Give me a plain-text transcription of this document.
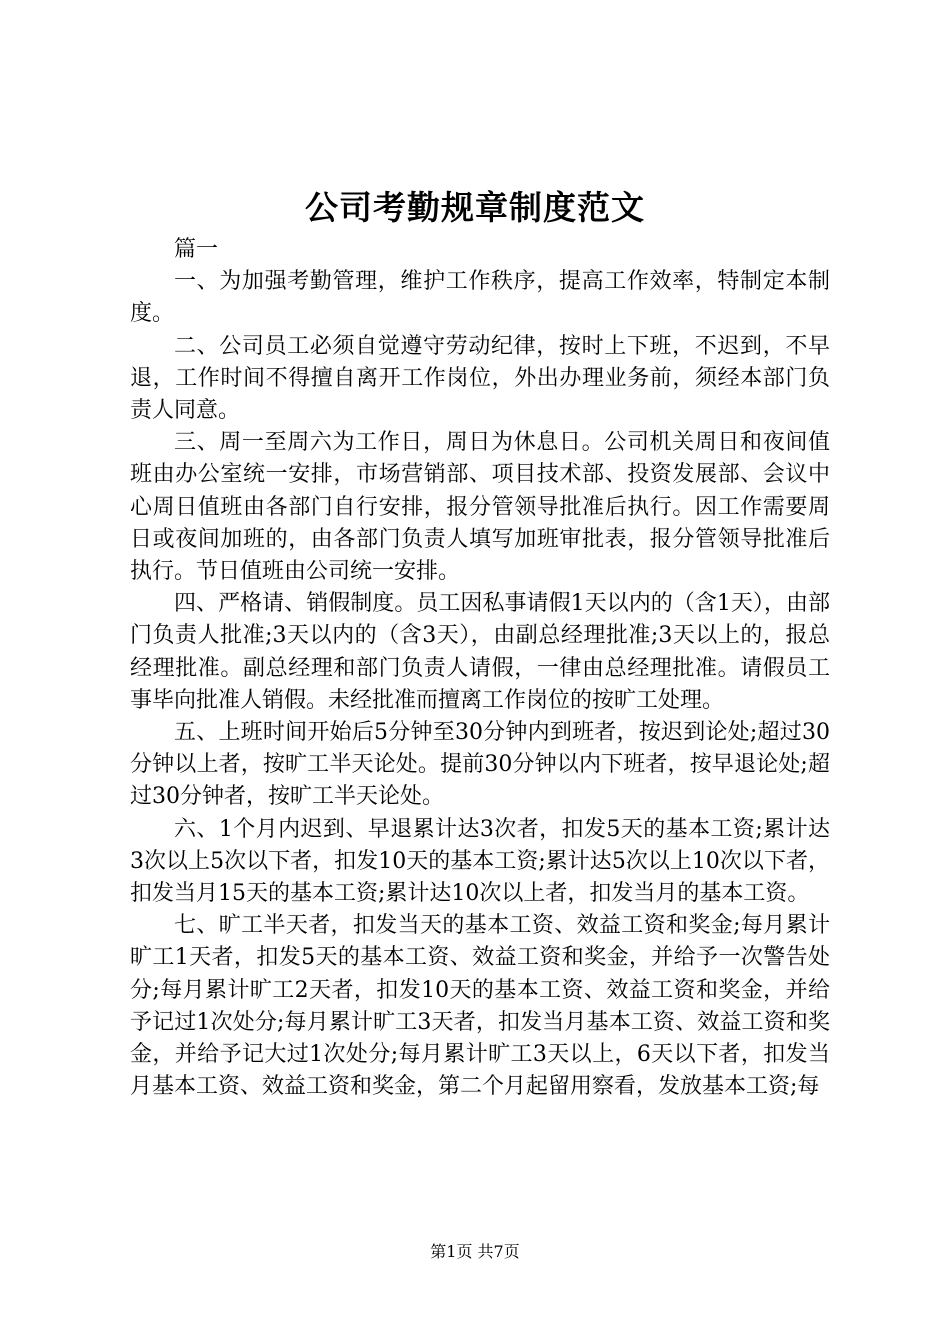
公司考勤规章制度范文

篇一

一、为加强考勤管理，维护工作秩序，提高工作效率，特制定本制度。

二、公司员工必须自觉遵守劳动纪律，按时上下班，不迟到，不早退，工作时间不得擅自离开工作岗位，外出办理业务前，须经本部门负责人同意。

三、周一至周六为工作日，周日为休息日。公司机关周日和夜间值班由办公室统一安排，市场营销部、项目技术部、投资发展部、会议中心周日值班由各部门自行安排，报分管领导批准后执行。因工作需要周日或夜间加班的，由各部门负责人填写加班审批表，报分管领导批准后执行。节日值班由公司统一安排。

四、严格请、销假制度。员工因私事请假1天以内的（含1天），由部门负责人批准;3天以内的（含3天），由副总经理批准;3天以上的，报总经理批准。副总经理和部门负责人请假，一律由总经理批准。请假员工事毕向批准人销假。未经批准而擅离工作岗位的按旷工处理。

五、上班时间开始后5分钟至30分钟内到班者，按迟到论处;超过30分钟以上者，按旷工半天论处。提前30分钟以内下班者，按早退论处;超过30分钟者，按旷工半天论处。

六、1个月内迟到、早退累计达3次者，扣发5天的基本工资;累计达3次以上5次以下者，扣发10天的基本工资;累计达5次以上10次以下者，扣发当月15天的基本工资;累计达10次以上者，扣发当月的基本工资。

七、旷工半天者，扣发当天的基本工资、效益工资和奖金;每月累计旷工1天者，扣发5天的基本工资、效益工资和奖金，并给予一次警告处分;每月累计旷工2天者，扣发10天的基本工资、效益工资和奖金，并给予记过1次处分;每月累计旷工3天者，扣发当月基本工资、效益工资和奖金，并给予记大过1次处分;每月累计旷工3天以上，6天以下者，扣发当月基本工资、效益工资和奖金，第二个月起留用察看，发放基本工资;每

第1页 共7页
